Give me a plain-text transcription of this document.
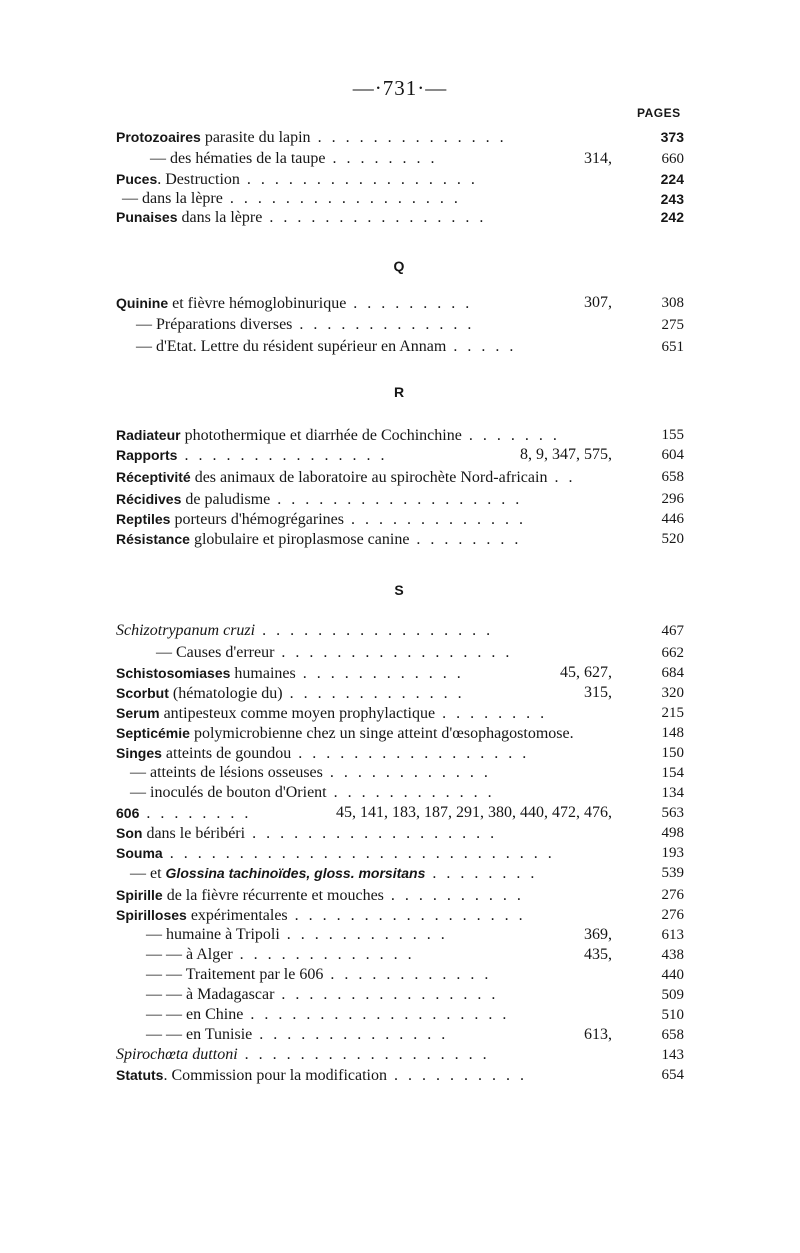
—·731·—
PAGES
Protozoaires parasite du lapin . . . . . . . . . . . . . .	373
— des hématies de la taupe . . . . . . . .	314,	660
Puces. Destruction . . . . . . . . . . . . . . . . .	224
— dans la lèpre . . . . . . . . . . . . . . . . .	243
Punaises dans la lèpre . . . . . . . . . . . . . . . .	242
Q
Quinine et fièvre hémoglobinurique . . . . . . . . .	307,	308
— Préparations diverses . . . . . . . . . . . . .	275
— d'Etat. Lettre du résident supérieur en Annam . . . . .	651
R
Radiateur photothermique et diarrhée de Cochinchine . . . . . . .	155
Rapports . . . . . . . . . . . . . . .	8, 9, 347, 575,	604
Réceptivité des animaux de laboratoire au spirochète Nord-africain . .	658
Récidives de paludisme . . . . . . . . . . . . . . . . . .	296
Reptiles porteurs d'hémogrégarines . . . . . . . . . . . . .	446
Résistance globulaire et piroplasmose canine . . . . . . . .	520
S
Schizotrypanum cruzi . . . . . . . . . . . . . . . . .	467
— Causes d'erreur . . . . . . . . . . . . . . . . .	662
Schistosomiases humaines . . . . . . . . . . . .	45, 627,	684
Scorbut (hématologie du) . . . . . . . . . . . . .	315,	320
Serum antipesteux comme moyen prophylactique . . . . . . . .	215
Septicémie polymicrobienne chez un singe atteint d'œsophagostomose.	148
Singes atteints de goundou . . . . . . . . . . . . . . . . .	150
— atteints de lésions osseuses . . . . . . . . . . . .	154
— inoculés de bouton d'Orient . . . . . . . . . . . .	134
606 . . . . . . . .	45, 141, 183, 187, 291, 380, 440, 472, 476,	563
Son dans le béribéri . . . . . . . . . . . . . . . . . .	498
Souma . . . . . . . . . . . . . . . . . . . . . . . . . . . .	193
— et Glossina tachinoïdes, gloss. morsitans . . . . . . . .	539
Spirille de la fièvre récurrente et mouches . . . . . . . . . .	276
Spirilloses expérimentales . . . . . . . . . . . . . . . . .	276
— humaine à Tripoli . . . . . . . . . . . .	369,	613
— — à Alger . . . . . . . . . . . . .	435,	438
— — Traitement par le 606 . . . . . . . . . . . .	440
— — à Madagascar . . . . . . . . . . . . . . . .	509
— — en Chine . . . . . . . . . . . . . . . . . . .	510
— — en Tunisie . . . . . . . . . . . . . .	613,	658
Spirochœta duttoni . . . . . . . . . . . . . . . . . .	143
Statuts. Commission pour la modification . . . . . . . . . .	654
